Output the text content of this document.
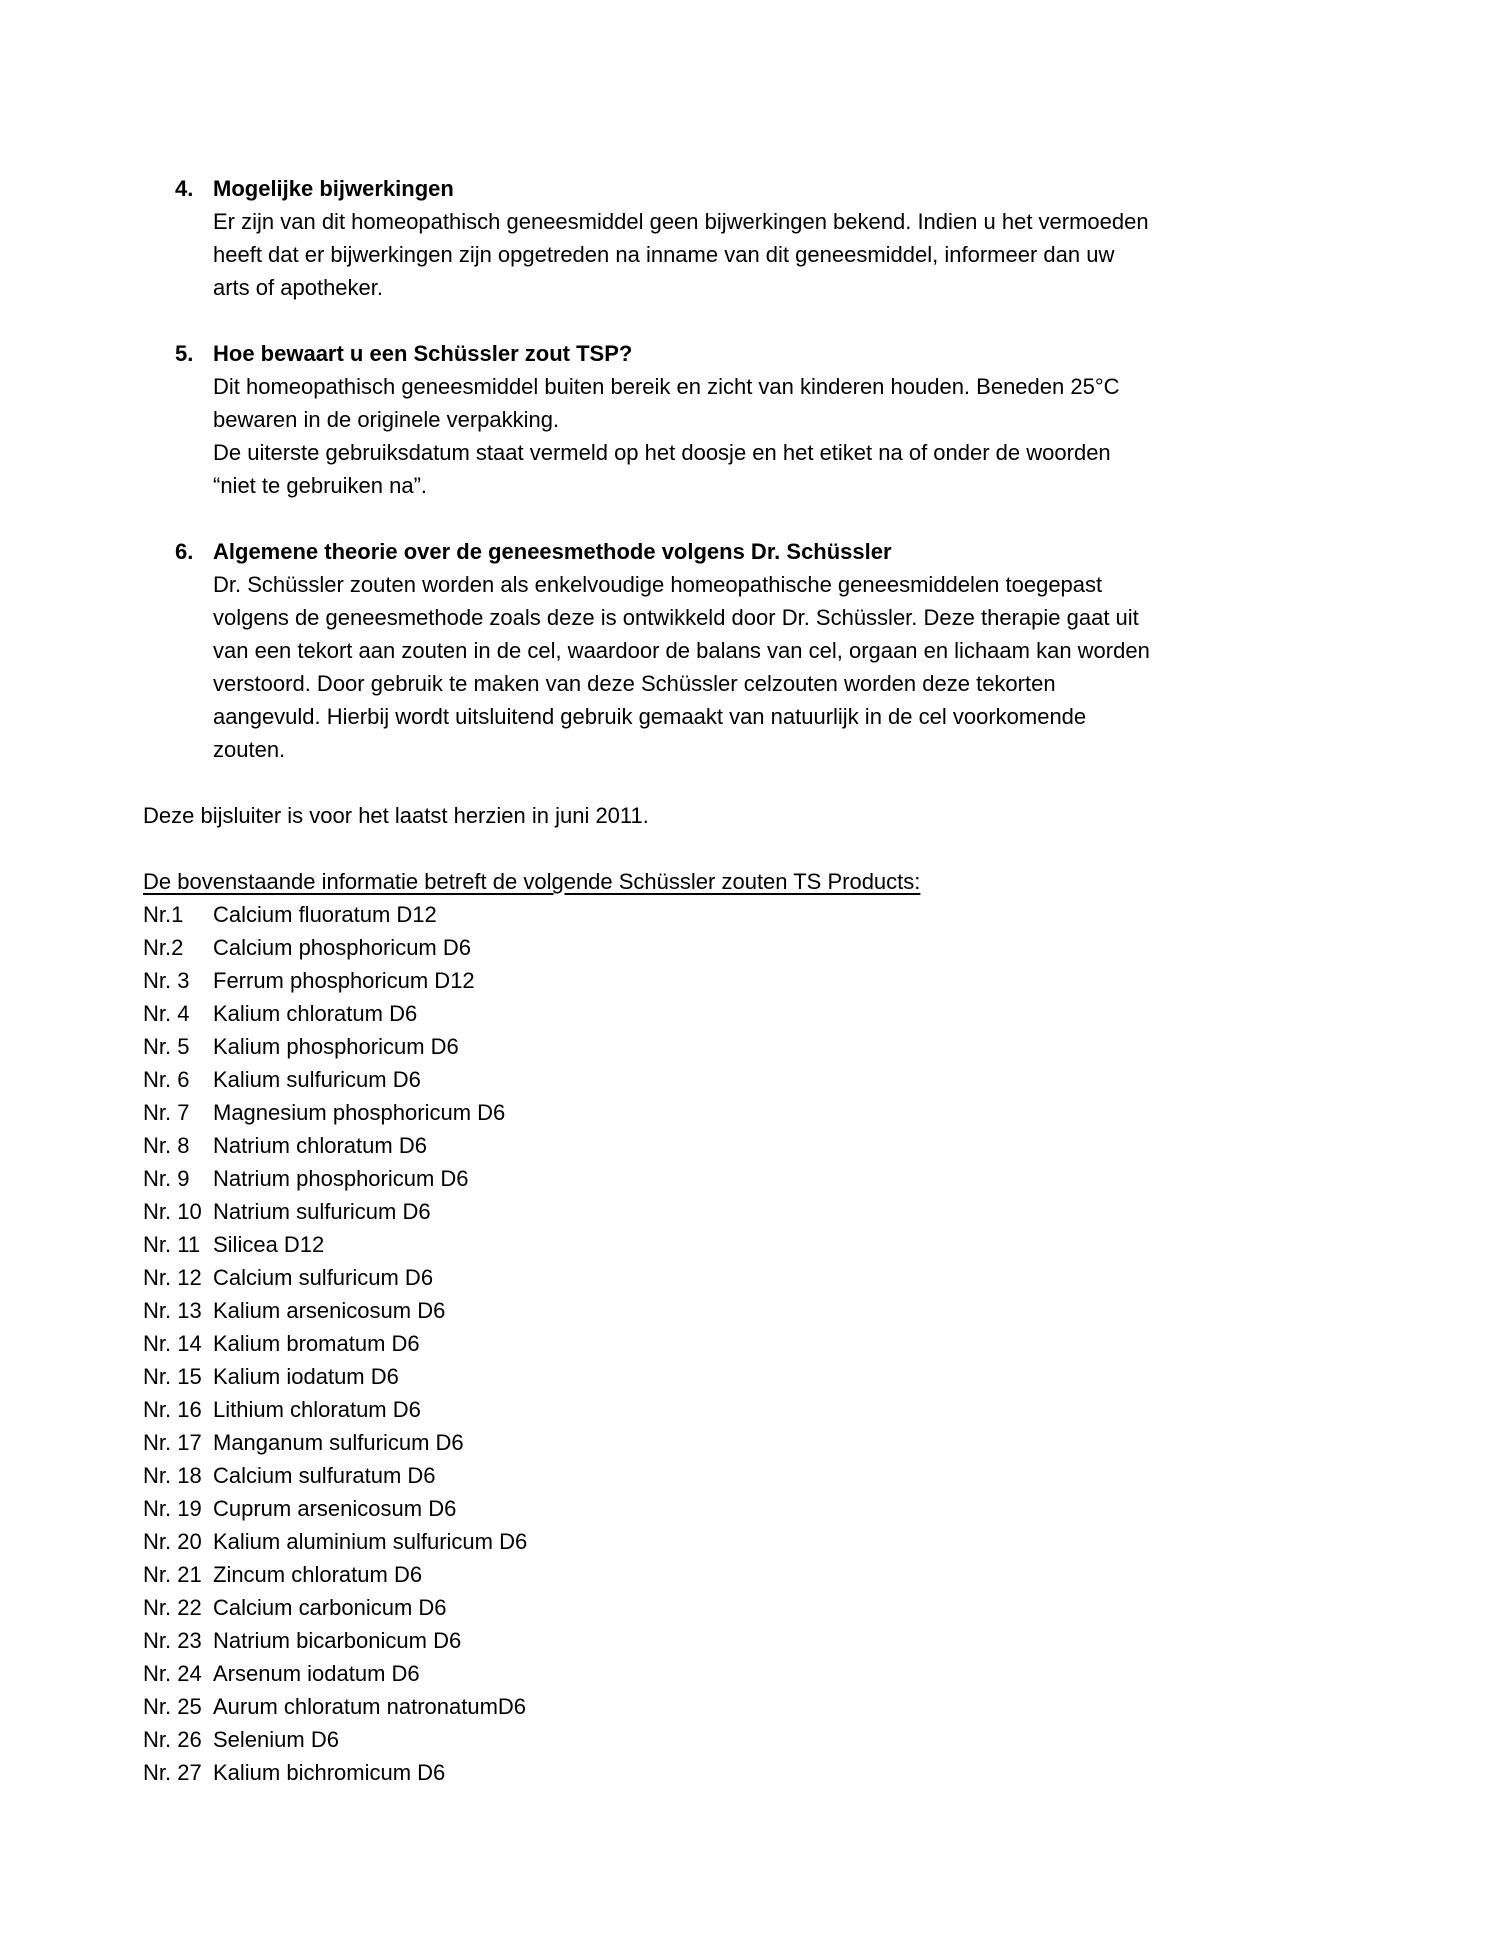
4. Mogelijke bijwerkingen
Er zijn van dit homeopathisch geneesmiddel geen bijwerkingen bekend. Indien u het vermoeden
heeft dat er bijwerkingen zijn opgetreden na inname van dit geneesmiddel, informeer dan uw
arts of apotheker.
5. Hoe bewaart u een Schüssler zout TSP?
Dit homeopathisch geneesmiddel buiten bereik en zicht van kinderen houden. Beneden 25°C
bewaren in de originele verpakking.
De uiterste gebruiksdatum staat vermeld op het doosje en het etiket na of onder de woorden
“niet te gebruiken na”.
6. Algemene theorie over de geneesmethode volgens Dr. Schüssler
Dr. Schüssler zouten worden als enkelvoudige homeopathische geneesmiddelen toegepast
volgens de geneesmethode zoals deze is ontwikkeld door Dr. Schüssler. Deze therapie gaat uit
van een tekort aan zouten in de cel, waardoor de balans van cel, orgaan en lichaam kan worden
verstoord. Door gebruik te maken van deze Schüssler celzouten worden deze tekorten
aangevuld. Hierbij wordt uitsluitend gebruik gemaakt van natuurlijk in de cel voorkomende
zouten.

Deze bijsluiter is voor het laatst herzien in juni 2011.

De bovenstaande informatie betreft de volgende Schüssler zouten TS Products:

Nr.1	Calcium fluoratum D12
Nr.2	Calcium phosphoricum D6
Nr. 3	Ferrum phosphoricum D12
Nr. 4	Kalium chloratum D6
Nr. 5	Kalium phosphoricum D6
Nr. 6	Kalium sulfuricum D6
Nr. 7	Magnesium phosphoricum D6
Nr. 8	Natrium chloratum D6
Nr. 9	Natrium phosphoricum D6
Nr. 10 Natrium sulfuricum D6
Nr. 11 Silicea D12
Nr. 12 Calcium sulfuricum D6
Nr. 13 Kalium arsenicosum D6
Nr. 14 Kalium bromatum D6
Nr. 15 Kalium iodatum D6
Nr. 16 Lithium chloratum D6
Nr. 17 Manganum sulfuricum D6
Nr. 18 Calcium sulfuratum D6
Nr. 19 Cuprum arsenicosum D6
Nr. 20 Kalium aluminium sulfuricum D6
Nr. 21 Zincum chloratum D6
Nr. 22 Calcium carbonicum D6
Nr. 23 Natrium bicarbonicum D6
Nr. 24 Arsenum iodatum D6
Nr. 25 Aurum chloratum natronatumD6
Nr. 26 Selenium D6
Nr. 27 Kalium bichromicum D6
